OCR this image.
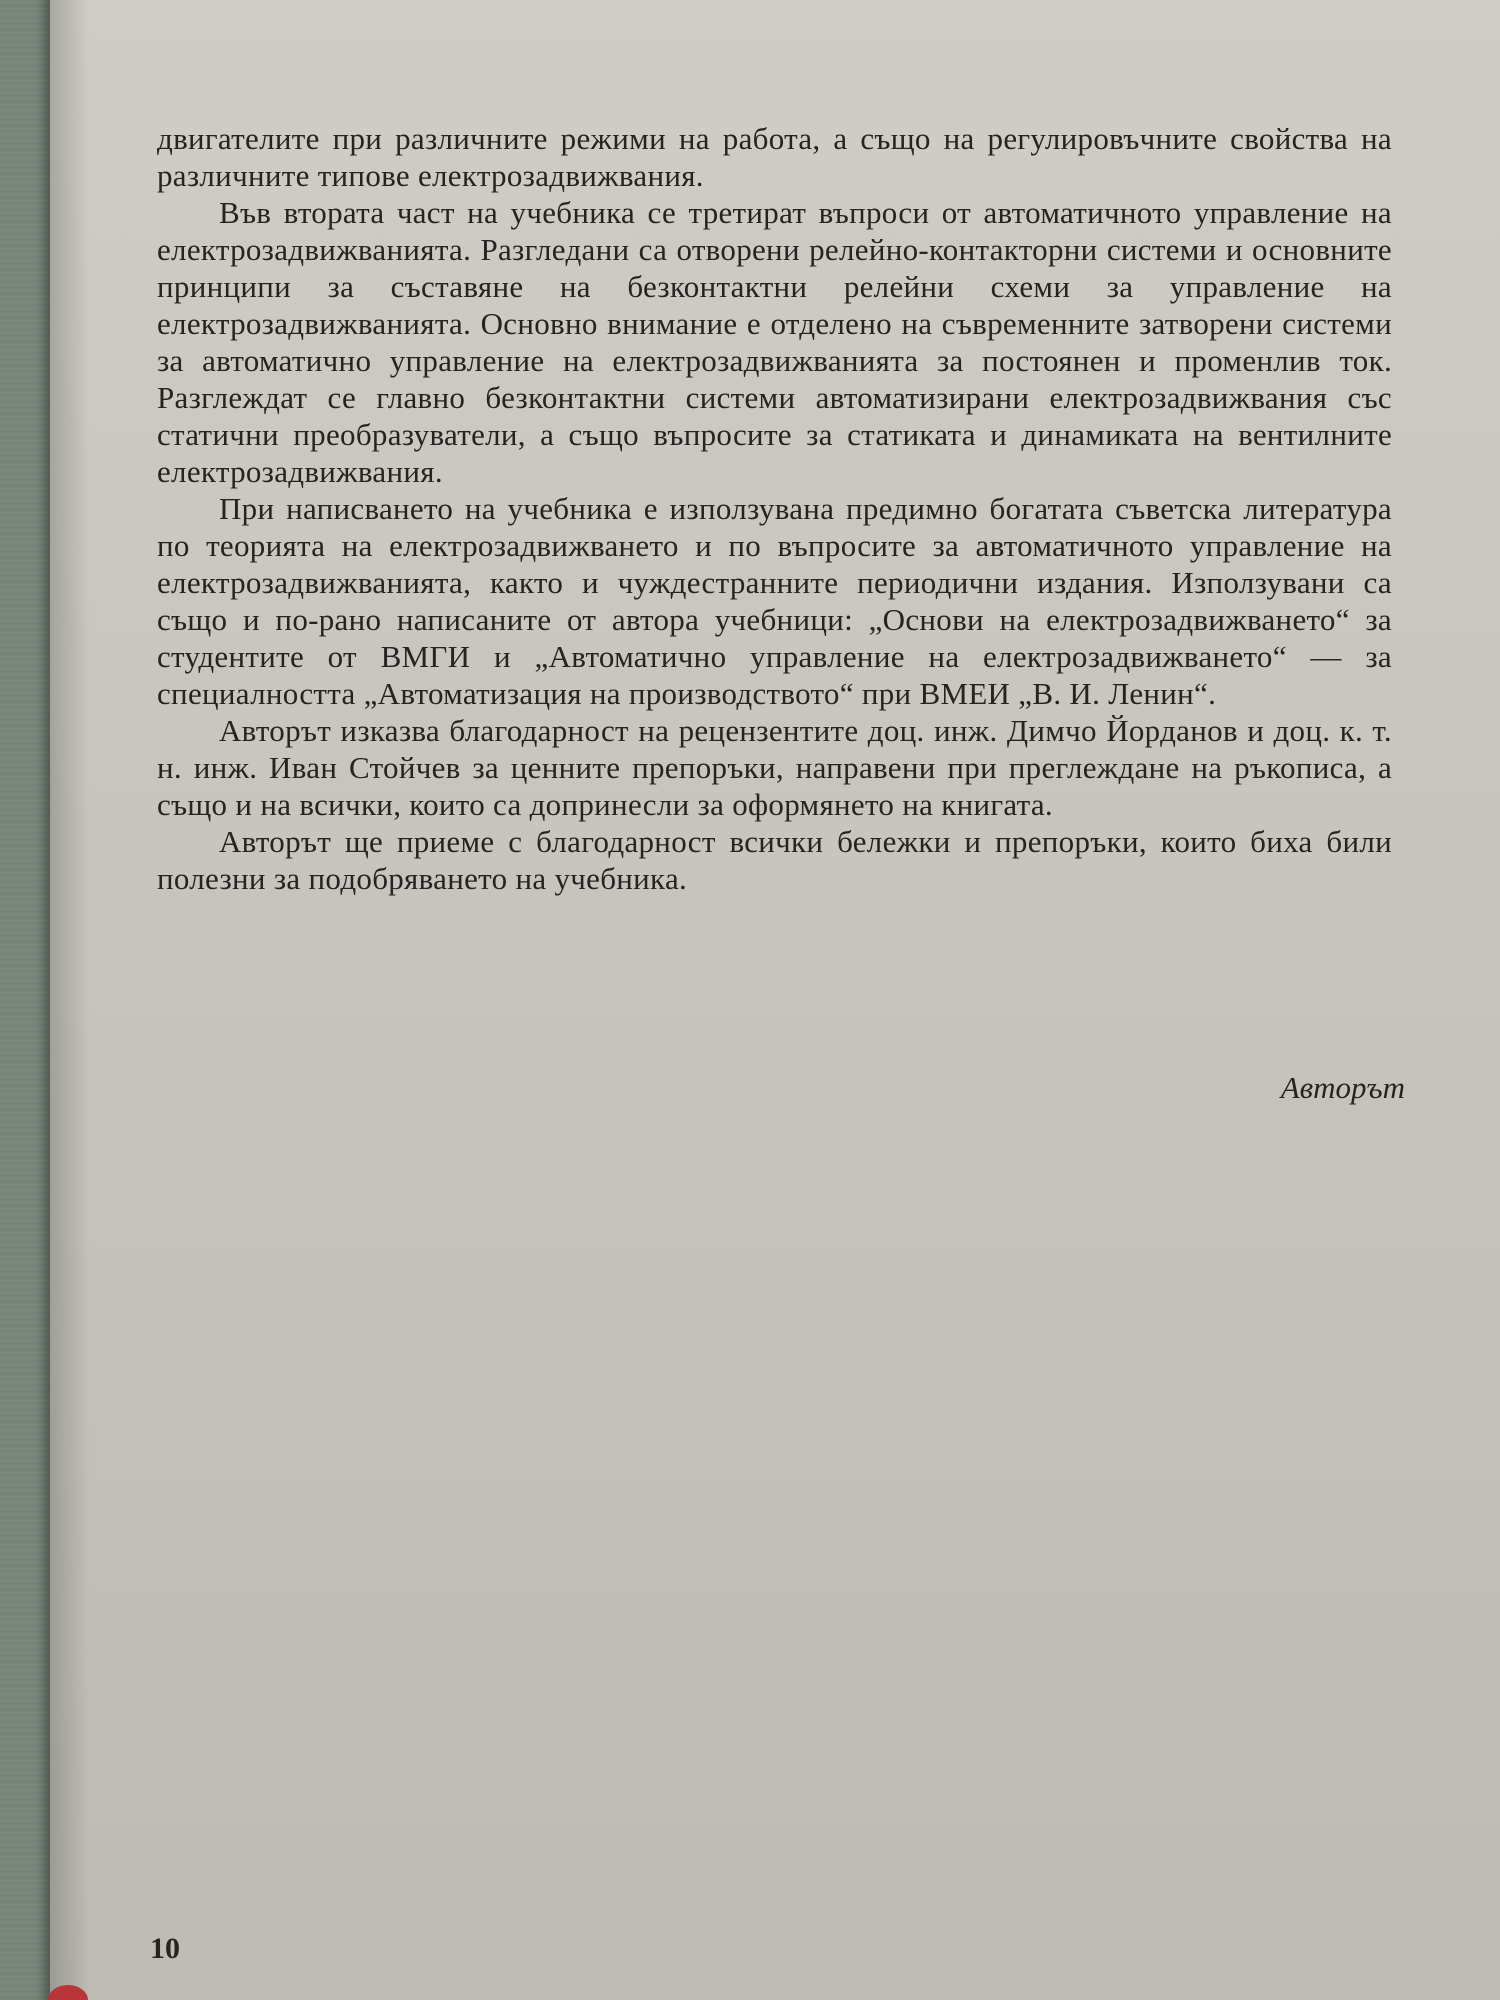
двигателите при различните режими на работа, а също на регулировъчните свойства на различните типове електрозадвижвания.

Във втората част на учебника се третират въпроси от автоматичното управление на електрозадвижванията. Разгледани са отворени релейно-контакторни системи и основните принципи за съставяне на безконтактни релейни схеми за управление на електрозадвижванията. Основно внимание е отделено на съвременните затворени системи за автоматично управление на електрозадвижванията за постоянен и променлив ток. Разглеждат се главно безконтактни системи автоматизирани електрозадвижвания със статични преобразуватели, а също въпросите за статиката и динамиката на вентилните електрозадвижвания.

При написването на учебника е използувана предимно богатата съветска литература по теорията на електрозадвижването и по въпросите за автоматичното управление на електрозадвижванията, както и чуждестранните периодични издания. Използувани са също и по-рано написаните от автора учебници: „Основи на електрозадвижването“ за студентите от ВМГИ и „Автоматично управление на електрозадвижването“ — за специалността „Автоматизация на производството“ при ВМЕИ „В. И. Ленин“.

Авторът изказва благодарност на рецензентите доц. инж. Димчо Йорданов и доц. к. т. н. инж. Иван Стойчев за ценните препоръки, направени при преглеждане на ръкописа, а също и на всички, които са допринесли за оформянето на книгата.

Авторът ще приеме с благодарност всички бележки и препоръки, които биха били полезни за подобряването на учебника.

Авторът
10
